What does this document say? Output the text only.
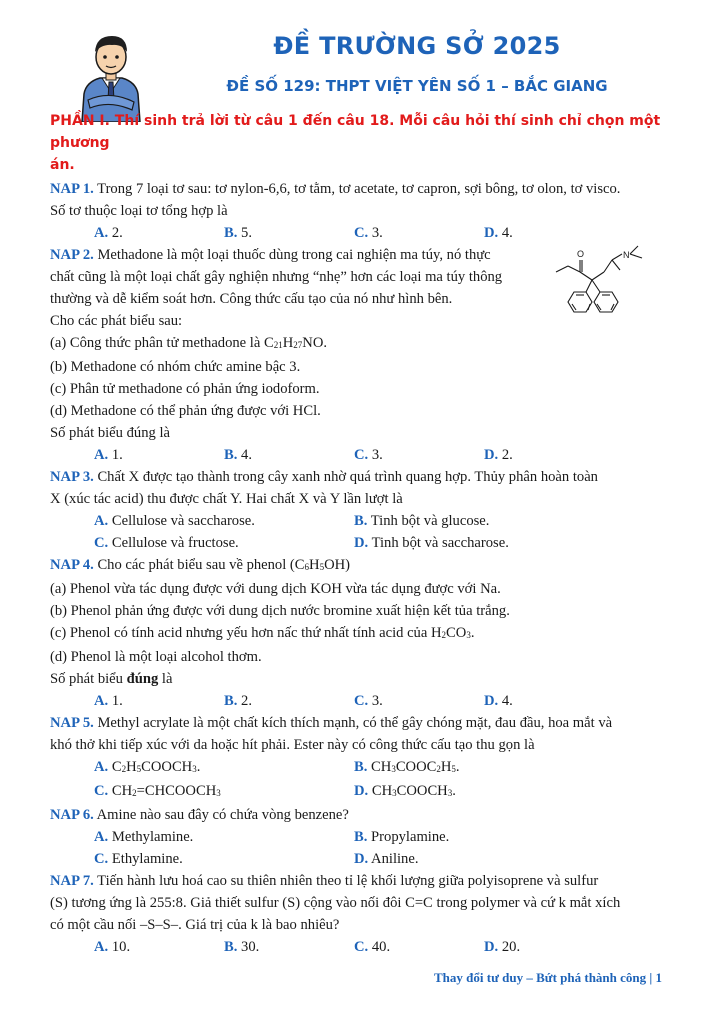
ĐỀ TRƯỜNG SỞ 2025
ĐỀ SỐ 129: THPT VIỆT YÊN SỐ 1 – BẮC GIANG
PHẦN I. Thí sinh trả lời từ câu 1 đến câu 18. Mỗi câu hỏi thí sinh chỉ chọn một phương
án.

NAP 1. Trong 7 loại tơ sau: tơ nylon-6,6, tơ tằm, tơ acetate, tơ capron, sợi bông, tơ olon, tơ visco.

Số tơ thuộc loại tơ tổng hợp là

A. 2.	B. 5.	C. 3.	D. 4.
O	N

NAP 2. Methadone là một loại thuốc dùng trong cai nghiện ma túy, nó thực

chất cũng là một loại chất gây nghiện nhưng “nhẹ” hơn các loại ma túy thông

thường và dễ kiểm soát hơn. Công thức cấu tạo của nó như hình bên.

Cho các phát biểu sau:

(a) Công thức phân tử methadone là $C_{21}H_{27}NO$.

(b) Methadone có nhóm chức amine bậc 3.

(c) Phân tử methadone có phản ứng iodoform.

(d) Methadone có thể phản ứng được với HCl.

Số phát biểu đúng là

A. 1.	B. 4.	C. 3.	D. 2.

NAP 3. Chất X được tạo thành trong cây xanh nhờ quá trình quang hợp. Thủy phân hoàn toàn

X (xúc tác acid) thu được chất Y. Hai chất X và Y lần lượt là

A. Cellulose và saccharose.	B. Tinh bột và glucose.
C. Cellulose và fructose.	D. Tinh bột và saccharose.

NAP 4. Cho các phát biểu sau về phenol $(C_6H_5OH)$

(a) Phenol vừa tác dụng được với dung dịch KOH vừa tác dụng được với Na.

(b) Phenol phản ứng được với dung dịch nước bromine xuất hiện kết tủa trắng.

(c) Phenol có tính acid nhưng yếu hơn nấc thứ nhất tính acid của $H_2CO_3$.

(d) Phenol là một loại alcohol thơm.

Số phát biểu đúng là

A. 1.	B. 2.	C. 3.	D. 4.

NAP 5. Methyl acrylate là một chất kích thích mạnh, có thể gây chóng mặt, đau đầu, hoa mắt và

khó thở khi tiếp xúc với da hoặc hít phải. Ester này có công thức cấu tạo thu gọn là

A. $C_2H_5COOCH_3$.	B. $CH_3COOC_2H_5$.
C. $CH_2=CHCOOCH_3$	D. $CH_3COOCH_3$.

NAP 6. Amine nào sau đây có chứa vòng benzene?

A. Methylamine.	B. Propylamine.
C. Ethylamine.	D. Aniline.

NAP 7. Tiến hành lưu hoá cao su thiên nhiên theo tỉ lệ khối lượng giữa polyisoprene và sulfur

(S) tương ứng là 255:8. Giả thiết sulfur (S) cộng vào nối đôi C=C trong polymer và cứ k mắt xích

có một cầu nối –S–S–. Giá trị của k là bao nhiêu?

A. 10.	B. 30.	C. 40.	D. 20.
Thay đổi tư duy – Bứt phá thành công | 1
